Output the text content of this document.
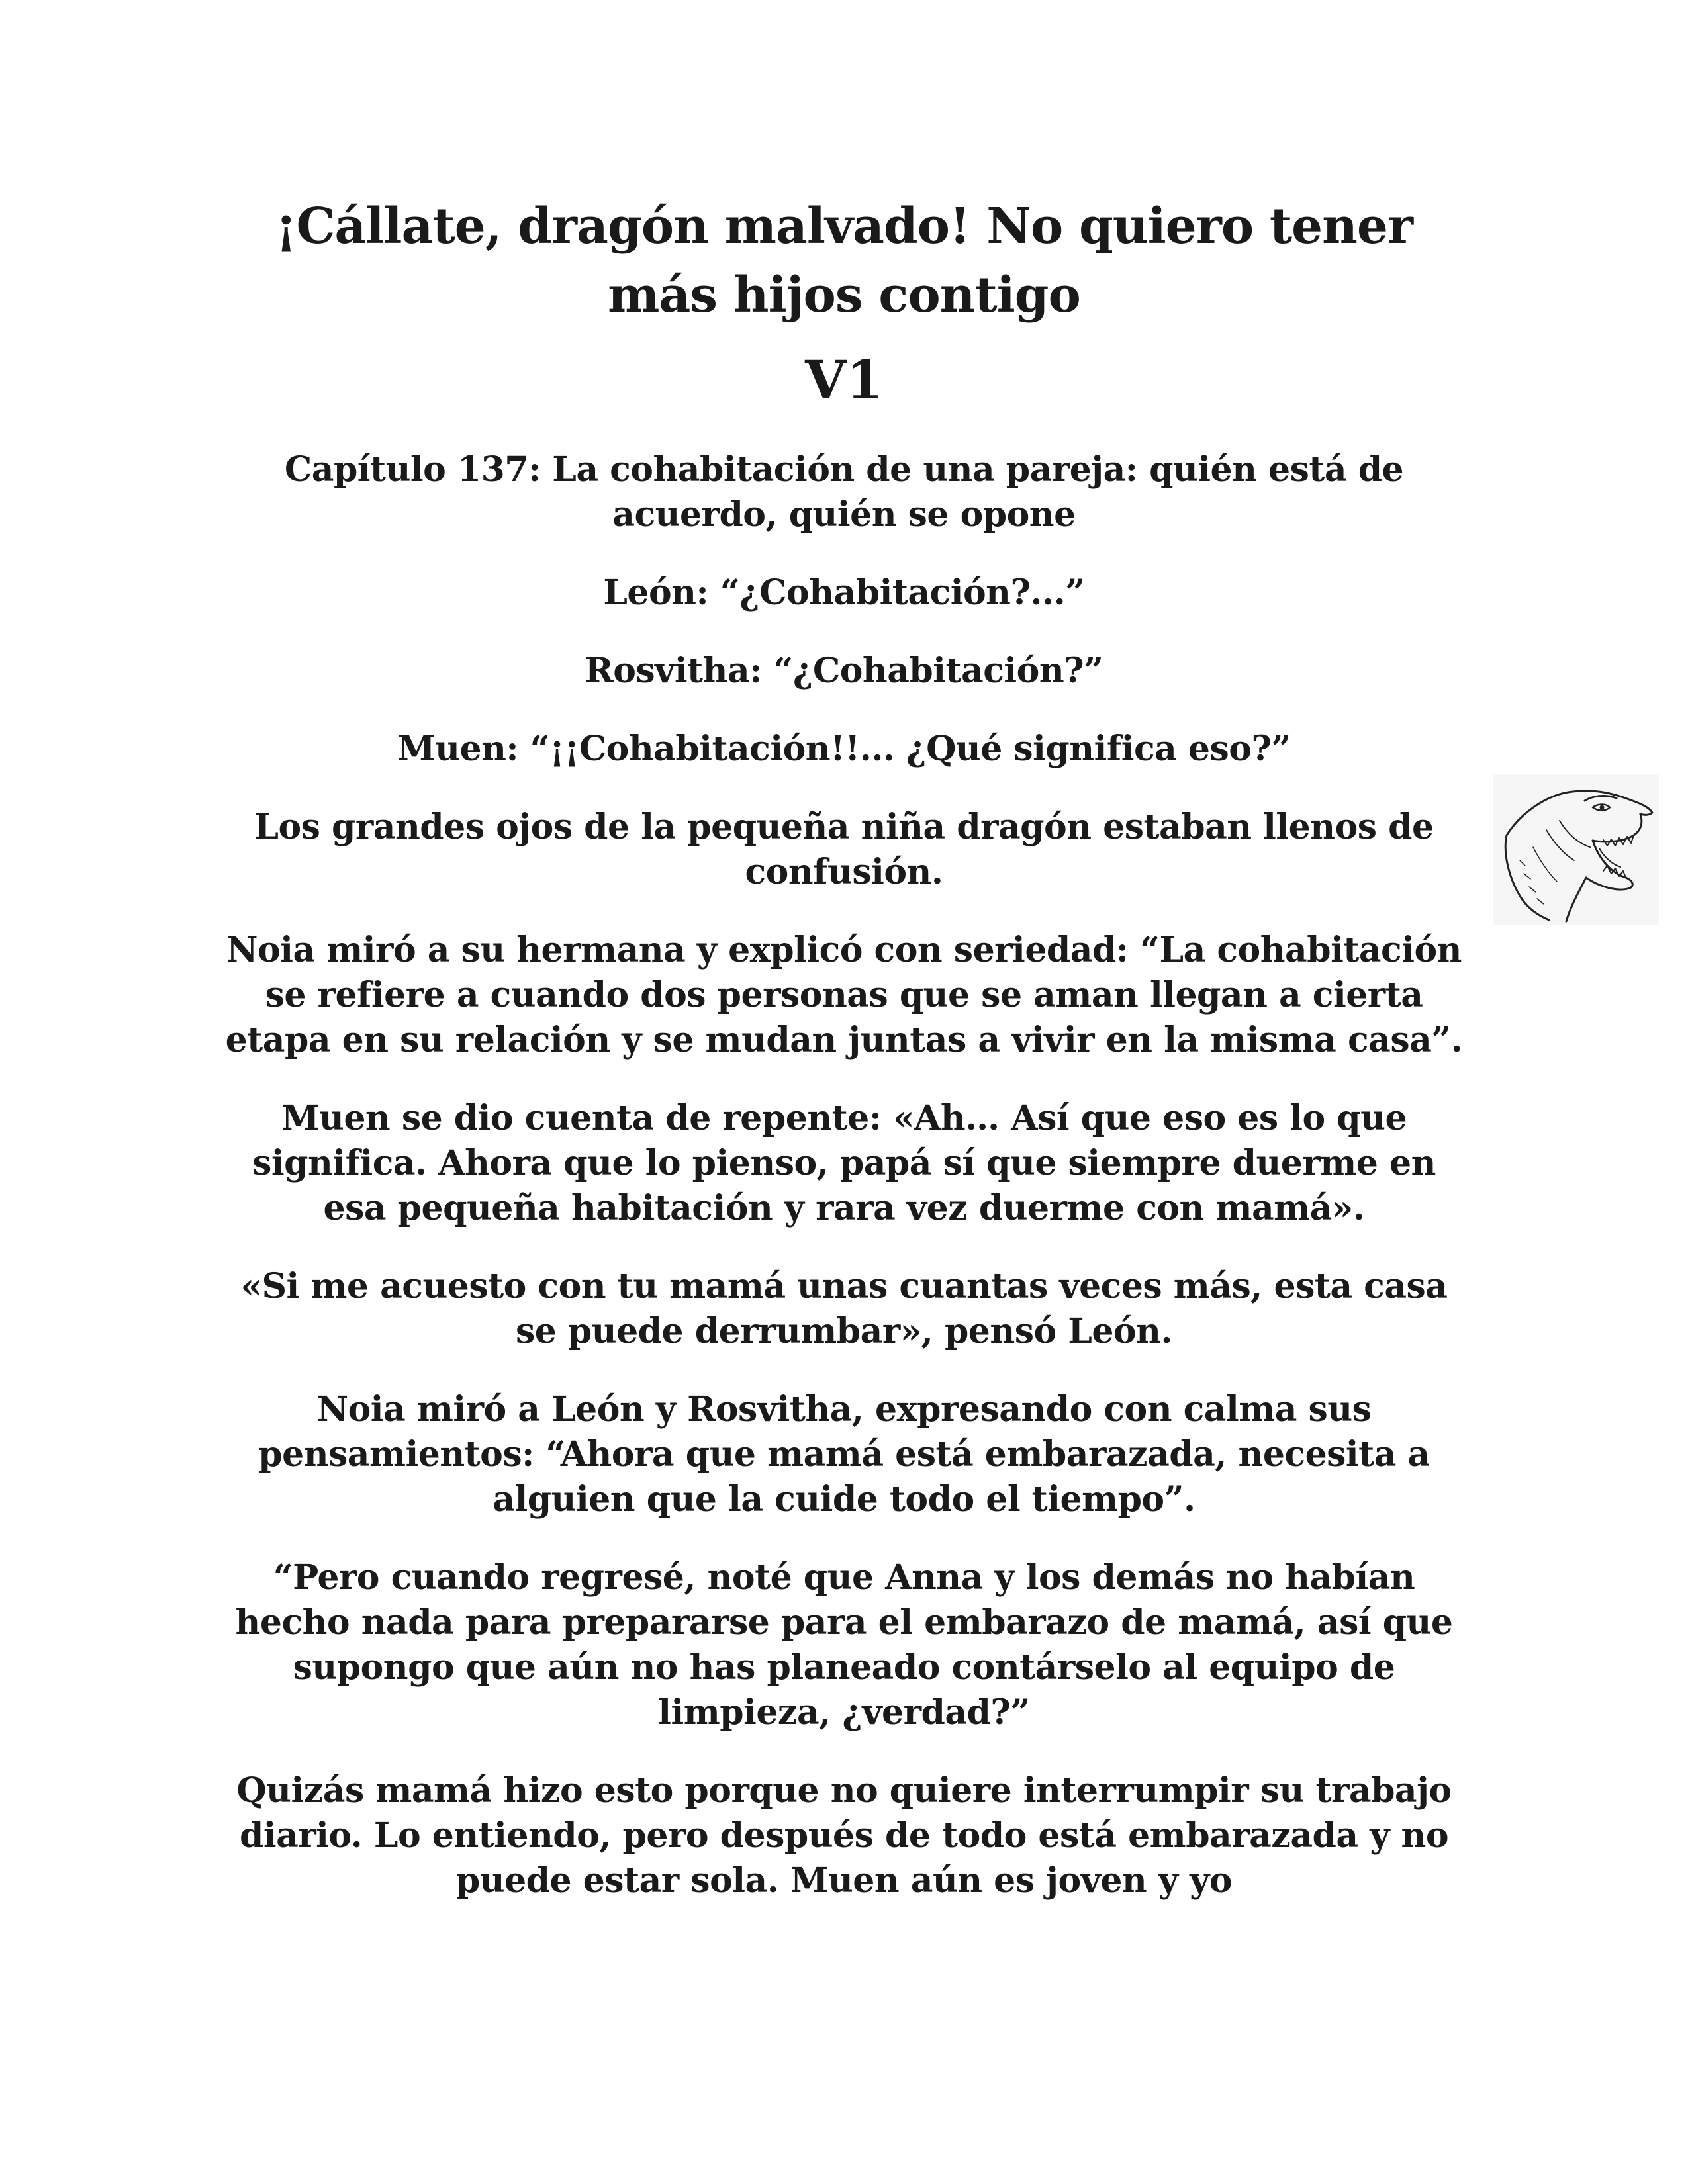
¡Cállate, dragón malvado! No quiero tener más hijos contigo
V1
Capítulo 137: La cohabitación de una pareja: quién está de acuerdo, quién se opone

León: “¿Cohabitación?...”

Rosvitha: “¿Cohabitación?”

Muen: “¡¡Cohabitación!!... ¿Qué significa eso?”

Los grandes ojos de la pequeña niña dragón estaban llenos de confusión.

Noia miró a su hermana y explicó con seriedad: “La cohabitación se refiere a cuando dos personas que se aman llegan a cierta etapa en su relación y se mudan juntas a vivir en la misma casa”.

Muen se dio cuenta de repente: «Ah… Así que eso es lo que significa. Ahora que lo pienso, papá sí que siempre duerme en esa pequeña habitación y rara vez duerme con mamá».

«Si me acuesto con tu mamá unas cuantas veces más, esta casa se puede derrumbar», pensó León.

Noia miró a León y Rosvitha, expresando con calma sus pensamientos: “Ahora que mamá está embarazada, necesita a alguien que la cuide todo el tiempo”.

“Pero cuando regresé, noté que Anna y los demás no habían hecho nada para prepararse para el embarazo de mamá, así que supongo que aún no has planeado contárselo al equipo de limpieza, ¿verdad?”

Quizás mamá hizo esto porque no quiere interrumpir su trabajo diario. Lo entiendo, pero después de todo está embarazada y no puede estar sola. Muen aún es joven y yo
